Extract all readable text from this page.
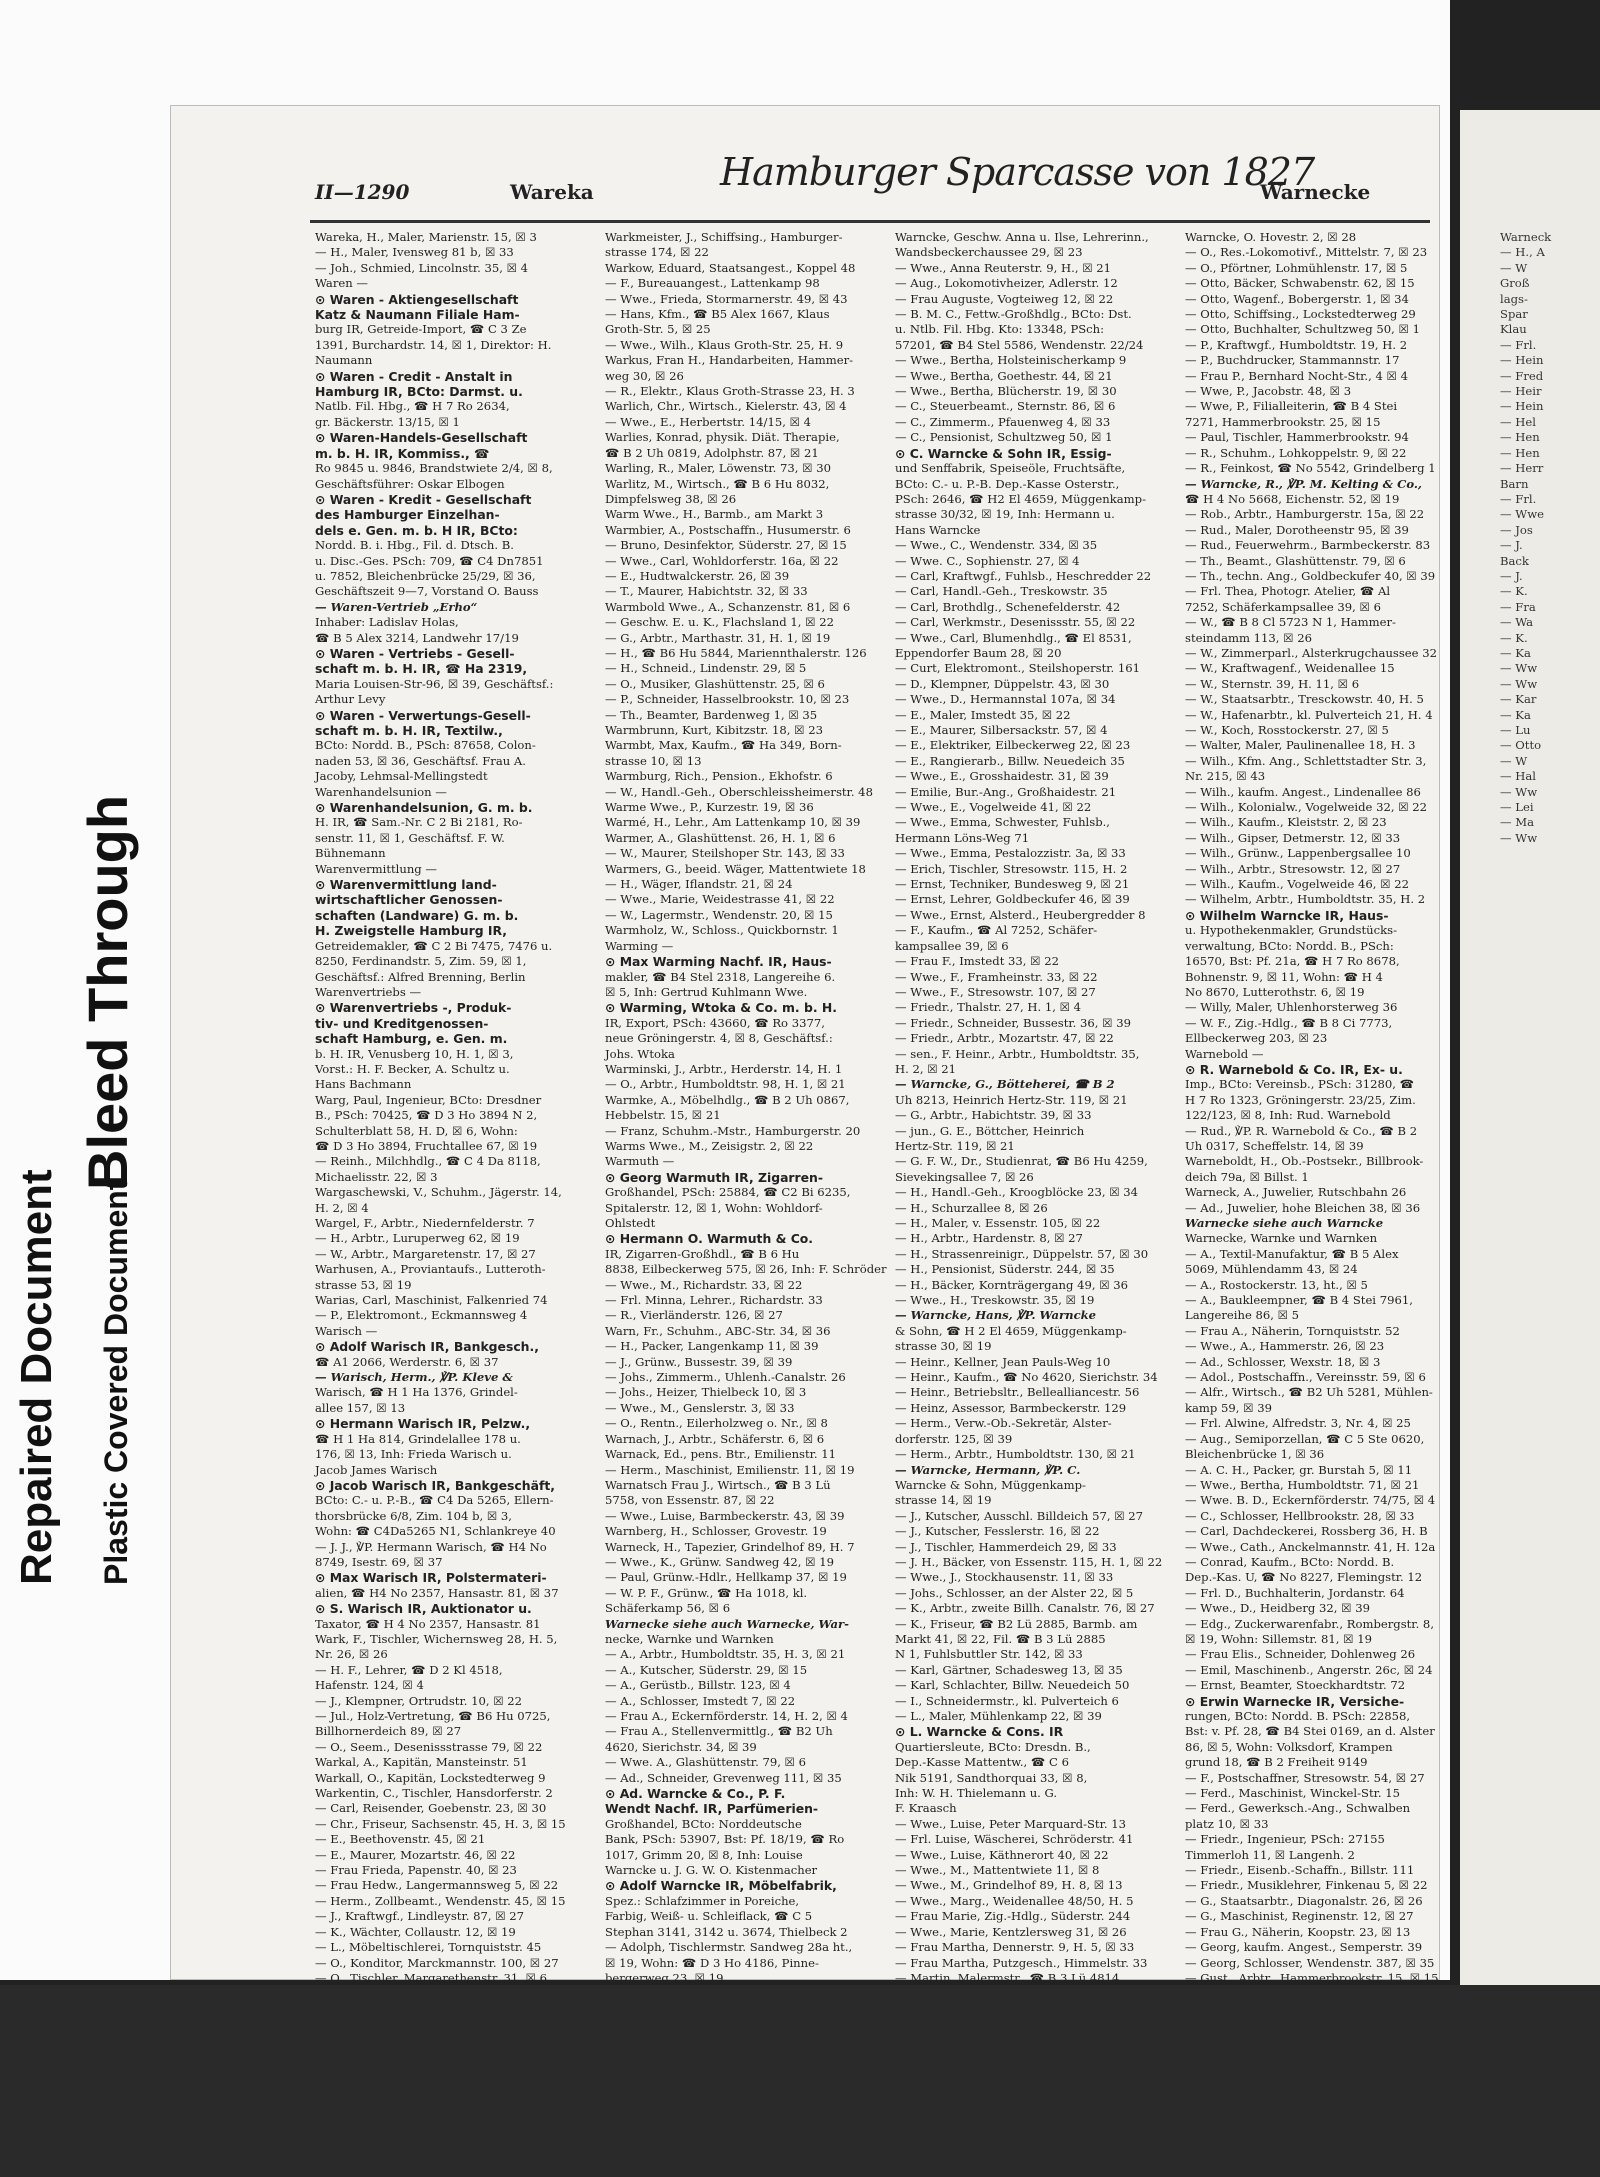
Repaired Document Plastic Covered Document
Bleed Through
II—1290	Wareka	Hamburger Sparcasse von 1827
Warnecke
Wareka, H., Maler, Marienstr. 15, ☒ 3
— H., Maler, Ivensweg 81 b, ☒ 33
— Joh., Schmied, Lincolnstr. 35, ☒ 4
Waren —
⊙ Waren - Aktiengesellschaft
Katz & Naumann Filiale Ham-
burg IR, Getreide-Import, ☎ C 3 Ze
1391, Burchardstr. 14, ☒ 1, Direktor: H.
Naumann
⊙ Waren - Credit - Anstalt in
Hamburg IR, BCto: Darmst. u.
Natlb. Fil. Hbg., ☎ H 7 Ro 2634,
gr. Bäckerstr. 13/15, ☒ 1
⊙ Waren-Handels-Gesellschaft
m. b. H. IR, Kommiss., ☎
Ro 9845 u. 9846, Brandstwiete 2/4, ☒ 8,
Geschäftsführer: Oskar Elbogen
⊙ Waren - Kredit - Gesellschaft
des Hamburger Einzelhan-
dels e. Gen. m. b. H IR, BCto:
Nordd. B. i. Hbg., Fil. d. Dtsch. B.
u. Disc.-Ges. PSch: 709, ☎ C4 Dn7851
u. 7852, Bleichenbrücke 25/29, ☒ 36,
Geschäftszeit 9—7, Vorstand O. Bauss
— Waren-Vertrieb „Erho“
Inhaber: Ladislav Holas,
☎ B 5 Alex 3214, Landwehr 17/19
⊙ Waren - Vertriebs - Gesell-
schaft m. b. H. IR, ☎ Ha 2319,
Maria Louisen-Str-96, ☒ 39, Geschäftsf.:
Arthur Levy
⊙ Waren - Verwertungs-Gesell-
schaft m. b. H. IR, Textilw.,
BCto: Nordd. B., PSch: 87658, Colon-
naden 53, ☒ 36, Geschäftsf. Frau A.
Jacoby, Lehmsal-Mellingstedt
Warenhandelsunion —
⊙ Warenhandelsunion, G. m. b.
H. IR, ☎ Sam.-Nr. C 2 Bi 2181, Ro-
senstr. 11, ☒ 1, Geschäftsf. F. W.
Bühnemann
Warenvermittlung —
⊙ Warenvermittlung land-
wirtschaftlicher Genossen-
schaften (Landware) G. m. b.
H. Zweigstelle Hamburg IR,
Getreidemakler, ☎ C 2 Bi 7475, 7476 u.
8250, Ferdinandstr. 5, Zim. 59, ☒ 1,
Geschäftsf.: Alfred Brenning, Berlin
Warenvertriebs —
⊙ Warenvertriebs -, Produk-
tiv- und Kreditgenossen-
schaft Hamburg, e. Gen. m.
b. H. IR, Venusberg 10, H. 1, ☒ 3,
Vorst.: H. F. Becker, A. Schultz u.
Hans Bachmann
Warg, Paul, Ingenieur, BCto: Dresdner
B., PSch: 70425, ☎ D 3 Ho 3894 N 2,
Schulterblatt 58, H. D, ☒ 6, Wohn:
☎ D 3 Ho 3894, Fruchtallee 67, ☒ 19
— Reinh., Milchhdlg., ☎ C 4 Da 8118,
Michaelisstr. 22, ☒ 3
Wargaschewski, V., Schuhm., Jägerstr. 14,
H. 2, ☒ 4
Wargel, F., Arbtr., Niedernfelderstr. 7
— H., Arbtr., Luruperweg 62, ☒ 19
— W., Arbtr., Margaretenstr. 17, ☒ 27
Warhusen, A., Proviantaufs., Lutteroth-
strasse 53, ☒ 19
Warias, Carl, Maschinist, Falkenried 74
— P., Elektromont., Eckmannsweg 4
Warisch —
⊙ Adolf Warisch IR, Bankgesch.,
☎ A1 2066, Werderstr. 6, ☒ 37
— Warisch, Herm., ℣P. Kleve &
Warisch, ☎ H 1 Ha 1376, Grindel-
allee 157, ☒ 13
⊙ Hermann Warisch IR, Pelzw.,
☎ H 1 Ha 814, Grindelallee 178 u.
176, ☒ 13, Inh: Frieda Warisch u.
Jacob James Warisch
⊙ Jacob Warisch IR, Bankgeschäft,
BCto: C.- u. P.-B., ☎ C4 Da 5265, Ellern-
thorsbrücke 6/8, Zim. 104 b, ☒ 3,
Wohn: ☎ C4Da5265 N1, Schlankreye 40
— J. J., ℣P. Hermann Warisch, ☎ H4 No
8749, Isestr. 69, ☒ 37
⊙ Max Warisch IR, Polstermateri-
alien, ☎ H4 No 2357, Hansastr. 81, ☒ 37
⊙ S. Warisch IR, Auktionator u.
Taxator, ☎ H 4 No 2357, Hansastr. 81
Wark, F., Tischler, Wichernsweg 28, H. 5,
Nr. 26, ☒ 26
— H. F., Lehrer, ☎ D 2 Kl 4518,
Hafenstr. 124, ☒ 4
— J., Klempner, Ortrudstr. 10, ☒ 22
— Jul., Holz-Vertretung, ☎ B6 Hu 0725,
Billhornerdeich 89, ☒ 27
— O., Seem., Desenissstrasse 79, ☒ 22
Warkal, A., Kapitän, Mansteinstr. 51
Warkall, O., Kapitän, Lockstedterweg 9
Warkentin, C., Tischler, Hansdorferstr. 2
— Carl, Reisender, Goebenstr. 23, ☒ 30
— Chr., Friseur, Sachsenstr. 45, H. 3, ☒ 15
— E., Beethovenstr. 45, ☒ 21
— E., Maurer, Mozartstr. 46, ☒ 22
— Frau Frieda, Papenstr. 40, ☒ 23
— Frau Hedw., Langermannsweg 5, ☒ 22
— Herm., Zollbeamt., Wendenstr. 45, ☒ 15
— J., Kraftwgf., Lindleystr. 87, ☒ 27
— K., Wächter, Collaustr. 12, ☒ 19
— L., Möbeltischlerei, Tornquiststr. 45
— O., Konditor, Marckmannstr. 100, ☒ 27
— O., Tischler, Margarethenstr. 31, ☒ 6
Warkmeister, J., Schiffsing., Hamburger-
strasse 174, ☒ 22
Warkow, Eduard, Staatsangest., Koppel 48
— F., Bureauangest., Lattenkamp 98
— Wwe., Frieda, Stormarnerstr. 49, ☒ 43
— Hans, Kfm., ☎ B5 Alex 1667, Klaus
Groth-Str. 5, ☒ 25
— Wwe., Wilh., Klaus Groth-Str. 25, H. 9
Warkus, Fran H., Handarbeiten, Hammer-
weg 30, ☒ 26
— R., Elektr., Klaus Groth-Strasse 23, H. 3
Warlich, Chr., Wirtsch., Kielerstr. 43, ☒ 4
— Wwe., E., Herbertstr. 14/15, ☒ 4
Warlies, Konrad, physik. Diät. Therapie,
☎ B 2 Uh 0819, Adolphstr. 87, ☒ 21
Warling, R., Maler, Löwenstr. 73, ☒ 30
Warlitz, M., Wirtsch., ☎ B 6 Hu 8032,
Dimpfelsweg 38, ☒ 26
Warm Wwe., H., Barmb., am Markt 3
Warmbier, A., Postschaffn., Husumerstr. 6
— Bruno, Desinfektor, Süderstr. 27, ☒ 15
— Wwe., Carl, Wohldorferstr. 16a, ☒ 22
— E., Hudtwalckerstr. 26, ☒ 39
— T., Maurer, Habichtstr. 32, ☒ 33
Warmbold Wwe., A., Schanzenstr. 81, ☒ 6
— Geschw. E. u. K., Flachsland 1, ☒ 22
— G., Arbtr., Marthastr. 31, H. 1, ☒ 19
— H., ☎ B6 Hu 5844, Mariennthalerstr. 126
— H., Schneid., Lindenstr. 29, ☒ 5
— O., Musiker, Glashüttenstr. 25, ☒ 6
— P., Schneider, Hasselbrookstr. 10, ☒ 23
— Th., Beamter, Bardenweg 1, ☒ 35
Warmbrunn, Kurt, Kibitzstr. 18, ☒ 23
Warmbt, Max, Kaufm., ☎ Ha 349, Born-
strasse 10, ☒ 13
Warmburg, Rich., Pension., Ekhofstr. 6
— W., Handl.-Geh., Oberschleissheimerstr. 48
Warme Wwe., P., Kurzestr. 19, ☒ 36
Warmé, H., Lehr., Am Lattenkamp 10, ☒ 39
Warmer, A., Glashüttenst. 26, H. 1, ☒ 6
— W., Maurer, Steilshoper Str. 143, ☒ 33
Warmers, G., beeid. Wäger, Mattentwiete 18
— H., Wäger, Iflandstr. 21, ☒ 24
— Wwe., Marie, Weidestrasse 41, ☒ 22
— W., Lagermstr., Wendenstr. 20, ☒ 15
Warmholz, W., Schloss., Quickbornstr. 1
Warming —
⊙ Max Warming Nachf. IR, Haus-
makler, ☎ B4 Stel 2318, Langereihe 6.
☒ 5, Inh: Gertrud Kuhlmann Wwe.
⊙ Warming, Wtoka & Co. m. b. H.
IR, Export, PSch: 43660, ☎ Ro 3377,
neue Gröningerstr. 4, ☒ 8, Geschäftsf.:
Johs. Wtoka
Warminski, J., Arbtr., Herderstr. 14, H. 1
— O., Arbtr., Humboldtstr. 98, H. 1, ☒ 21
Warmke, A., Möbelhdlg., ☎ B 2 Uh 0867,
Hebbelstr. 15, ☒ 21
— Franz, Schuhm.-Mstr., Hamburgerstr. 20
Warms Wwe., M., Zeisigstr. 2, ☒ 22
Warmuth —
⊙ Georg Warmuth IR, Zigarren-
Großhandel, PSch: 25884, ☎ C2 Bi 6235,
Spitalerstr. 12, ☒ 1, Wohn: Wohldorf-
Ohlstedt
⊙ Hermann O. Warmuth & Co.
IR, Zigarren-Großhdl., ☎ B 6 Hu
8838, Eilbeckerweg 575, ☒ 26, Inh: F. Schröder
— Wwe., M., Richardstr. 33, ☒ 22
— Frl. Minna, Lehrer., Richardstr. 33
— R., Vierländerstr. 126, ☒ 27
Warn, Fr., Schuhm., ABC-Str. 34, ☒ 36
— H., Packer, Langenkamp 11, ☒ 39
— J., Grünw., Bussestr. 39, ☒ 39
— Johs., Zimmerm., Uhlenh.-Canalstr. 26
— Johs., Heizer, Thielbeck 10, ☒ 3
— Wwe., M., Genslerstr. 3, ☒ 33
— O., Rentn., Eilerholzweg o. Nr., ☒ 8
Warnach, J., Arbtr., Schäferstr. 6, ☒ 6
Warnack, Ed., pens. Btr., Emilienstr. 11
— Herm., Maschinist, Emilienstr. 11, ☒ 19
Warnatsch Frau J., Wirtsch., ☎ B 3 Lü
5758, von Essenstr. 87, ☒ 22
— Wwe., Luise, Barmbeckerstr. 43, ☒ 39
Warnberg, H., Schlosser, Grovestr. 19
Warneck, H., Tapezier, Grindelhof 89, H. 7
— Wwe., K., Grünw. Sandweg 42, ☒ 19
— Paul, Grünw.-Hdlr., Hellkamp 37, ☒ 19
— W. P. F., Grünw., ☎ Ha 1018, kl.
Schäferkamp 56, ☒ 6
Warnecke siehe auch Warnecke, War-
necke, Warnke und Warnken
— A., Arbtr., Humboldtstr. 35, H. 3, ☒ 21
— A., Kutscher, Süderstr. 29, ☒ 15
— A., Gerüstb., Billstr. 123, ☒ 4
— A., Schlosser, Imstedt 7, ☒ 22
— Frau A., Eckernförderstr. 14, H. 2, ☒ 4
— Frau A., Stellenvermittlg., ☎ B2 Uh
4620, Sierichstr. 34, ☒ 39
— Wwe. A., Glashüttenstr. 79, ☒ 6
— Ad., Schneider, Grevenweg 111, ☒ 35
⊙ Ad. Warncke & Co., P. F.
Wendt Nachf. IR, Parfümerien-
Großhandel, BCto: Norddeutsche
Bank, PSch: 53907, Bst: Pf. 18/19, ☎ Ro
1017, Grimm 20, ☒ 8, Inh: Louise
Warncke u. J. G. W. O. Kistenmacher
⊙ Adolf Warncke IR, Möbelfabrik,
Spez.: Schlafzimmer in Poreiche,
Farbig, Weiß- u. Schleiflack, ☎ C 5
Stephan 3141, 3142 u. 3674, Thielbeck 2
— Adolph, Tischlermstr. Sandweg 28a ht.,
☒ 19, Wohn: ☎ D 3 Ho 4186, Pinne-
bergerweg 23, ☒ 19
Warncke, Geschw. Anna u. Ilse, Lehrerinn.,
Wandsbeckerchaussee 29, ☒ 23
— Wwe., Anna Reuterstr. 9, H., ☒ 21
— Aug., Lokomotivheizer, Adlerstr. 12
— Frau Auguste, Vogteiweg 12, ☒ 22
— B. M. C., Fettw.-Großhdlg., BCto: Dst.
u. Ntlb. Fil. Hbg. Kto: 13348, PSch:
57201, ☎ B4 Stel 5586, Wendenstr. 22/24
— Wwe., Bertha, Holsteinischerkamp 9
— Wwe., Bertha, Goethestr. 44, ☒ 21
— Wwe., Bertha, Blücherstr. 19, ☒ 30
— C., Steuerbeamt., Sternstr. 86, ☒ 6
— C., Zimmerm., Pfauenweg 4, ☒ 33
— C., Pensionist, Schultzweg 50, ☒ 1
⊙ C. Warncke & Sohn IR, Essig-
und Senffabrik, Speiseöle, Fruchtsäfte,
BCto: C.- u. P.-B. Dep.-Kasse Osterstr.,
PSch: 2646, ☎ H2 El 4659, Müggenkamp-
strasse 30/32, ☒ 19, Inh: Hermann u.
Hans Warncke
— Wwe., C., Wendenstr. 334, ☒ 35
— Wwe. C., Sophienstr. 27, ☒ 4
— Carl, Kraftwgf., Fuhlsb., Heschredder 22
— Carl, Handl.-Geh., Treskowstr. 35
— Carl, Brothdlg., Schenefelderstr. 42
— Carl, Werkmstr., Desenissstr. 55, ☒ 22
— Wwe., Carl, Blumenhdlg., ☎ El 8531,
Eppendorfer Baum 28, ☒ 20
— Curt, Elektromont., Steilshoperstr. 161
— D., Klempner, Düppelstr. 43, ☒ 30
— Wwe., D., Hermannstal 107a, ☒ 34
— E., Maler, Imstedt 35, ☒ 22
— E., Maurer, Silbersackstr. 57, ☒ 4
— E., Elektriker, Eilbeckerweg 22, ☒ 23
— E., Rangierarb., Billw. Neuedeich 35
— Wwe., E., Grosshaidestr. 31, ☒ 39
— Emilie, Bur.-Ang., Großhaidestr. 21
— Wwe., E., Vogelweide 41, ☒ 22
— Wwe., Emma, Schwester, Fuhlsb.,
Hermann Löns-Weg 71
— Wwe., Emma, Pestalozzistr. 3a, ☒ 33
— Erich, Tischler, Stresowstr. 115, H. 2
— Ernst, Techniker, Bundesweg 9, ☒ 21
— Ernst, Lehrer, Goldbeckufer 46, ☒ 39
— Wwe., Ernst, Alsterd., Heubergredder 8
— F., Kaufm., ☎ Al 7252, Schäfer-
kampsallee 39, ☒ 6
— Frau F., Imstedt 33, ☒ 22
— Wwe., F., Framheinstr. 33, ☒ 22
— Wwe., F., Stresowstr. 107, ☒ 27
— Friedr., Thalstr. 27, H. 1, ☒ 4
— Friedr., Schneider, Bussestr. 36, ☒ 39
— Friedr., Arbtr., Mozartstr. 47, ☒ 22
— sen., F. Heinr., Arbtr., Humboldtstr. 35,
H. 2, ☒ 21
— Warncke, G., Bötteherei, ☎ B 2
Uh 8213, Heinrich Hertz-Str. 119, ☒ 21
— G., Arbtr., Habichtstr. 39, ☒ 33
— jun., G. E., Böttcher, Heinrich
Hertz-Str. 119, ☒ 21
— G. F. W., Dr., Studienrat, ☎ B6 Hu 4259,
Sievekingsallee 7, ☒ 26
— H., Handl.-Geh., Kroogblöcke 23, ☒ 34
— H., Schurzallee 8, ☒ 26
— H., Maler, v. Essenstr. 105, ☒ 22
— H., Arbtr., Hardenstr. 8, ☒ 27
— H., Strassenreinigr., Düppelstr. 57, ☒ 30
— H., Pensionist, Süderstr. 244, ☒ 35
— H., Bäcker, Kornträgergang 49, ☒ 36
— Wwe., H., Treskowstr. 35, ☒ 19
— Warncke, Hans, ℣P. Warncke
& Sohn, ☎ H 2 El 4659, Müggenkamp-
strasse 30, ☒ 19
— Heinr., Kellner, Jean Pauls-Weg 10
— Heinr., Kaufm., ☎ No 4620, Sierichstr. 34
— Heinr., Betriebsltr., Bellealliancestr. 56
— Heinz, Assessor, Barmbeckerstr. 129
— Herm., Verw.-Ob.-Sekretär, Alster-
dorferstr. 125, ☒ 39
— Herm., Arbtr., Humboldtstr. 130, ☒ 21
— Warncke, Hermann, ℣P. C.
Warncke & Sohn, Müggenkamp-
strasse 14, ☒ 19
— J., Kutscher, Ausschl. Billdeich 57, ☒ 27
— J., Kutscher, Fesslerstr. 16, ☒ 22
— J., Tischler, Hammerdeich 29, ☒ 33
— J. H., Bäcker, von Essenstr. 115, H. 1, ☒ 22
— Wwe., J., Stockhausenstr. 11, ☒ 33
— Johs., Schlosser, an der Alster 22, ☒ 5
— K., Arbtr., zweite Billh. Canalstr. 76, ☒ 27
— K., Friseur, ☎ B2 Lü 2885, Barmb. am
Markt 41, ☒ 22, Fil. ☎ B 3 Lü 2885
N 1, Fuhlsbuttler Str. 142, ☒ 33
— Karl, Gärtner, Schadesweg 13, ☒ 35
— Karl, Schlachter, Billw. Neuedeich 50
— I., Schneidermstr., kl. Pulverteich 6
— L., Maler, Mühlenkamp 22, ☒ 39
⊙ L. Warncke & Cons. IR
Quartiersleute, BCto: Dresdn. B.,
Dep.-Kasse Mattentw., ☎ C 6
Nik 5191, Sandthorquai 33, ☒ 8,
Inh: W. H. Thielemann u. G.
F. Kraasch
— Wwe., Luise, Peter Marquard-Str. 13
— Frl. Luise, Wäscherei, Schröderstr. 41
— Wwe., Luise, Käthnerort 40, ☒ 22
— Wwe., M., Mattentwiete 11, ☒ 8
— Wwe., M., Grindelhof 89, H. 8, ☒ 13
— Wwe., Marg., Weidenallee 48/50, H. 5
— Frau Marie, Zig.-Hdlg., Süderstr. 244
— Wwe., Marie, Kentzlersweg 31, ☒ 26
— Frau Martha, Dennerstr. 9, H. 5, ☒ 33
— Frau Martha, Putzgesch., Himmelstr. 33
— Martin, Malermstr., ☎ B 3 Lü 4814,
Warncke, O. Hovestr. 2, ☒ 28
— O., Res.-Lokomotivf., Mittelstr. 7, ☒ 23
— O., Pförtner, Lohmühlenstr. 17, ☒ 5
— Otto, Bäcker, Schwabenstr. 62, ☒ 15
— Otto, Wagenf., Bobergerstr. 1, ☒ 34
— Otto, Schiffsing., Lockstedterweg 29
— Otto, Buchhalter, Schultzweg 50, ☒ 1
— P., Kraftwgf., Humboldtstr. 19, H. 2
— P., Buchdrucker, Stammannstr. 17
— Frau P., Bernhard Nocht-Str., 4 ☒ 4
— Wwe, P., Jacobstr. 48, ☒ 3
— Wwe, P., Filialleiterin, ☎ B 4 Stei
7271, Hammerbrookstr. 25, ☒ 15
— Paul, Tischler, Hammerbrookstr. 94
— R., Schuhm., Lohkoppelstr. 9, ☒ 22
— R., Feinkost, ☎ No 5542, Grindelberg 1
— Warncke, R., ℣P. M. Kelting & Co.,
☎ H 4 No 5668, Eichenstr. 52, ☒ 19
— Rob., Arbtr., Hamburgerstr. 15a, ☒ 22
— Rud., Maler, Dorotheenstr 95, ☒ 39
— Rud., Feuerwehrm., Barmbeckerstr. 83
— Th., Beamt., Glashüttenstr. 79, ☒ 6
— Th., techn. Ang., Goldbeckufer 40, ☒ 39
— Frl. Thea, Photogr. Atelier, ☎ Al
7252, Schäferkampsallee 39, ☒ 6
— W., ☎ B 8 Cl 5723 N 1, Hammer-
steindamm 113, ☒ 26
— W., Zimmerparl., Alsterkrugchaussee 32
— W., Kraftwagenf., Weidenallee 15
— W., Sternstr. 39, H. 11, ☒ 6
— W., Staatsarbtr., Tresckowstr. 40, H. 5
— W., Hafenarbtr., kl. Pulverteich 21, H. 4
— W., Koch, Rosstockerstr. 27, ☒ 5
— Walter, Maler, Paulinenallee 18, H. 3
— Wilh., Kfm. Ang., Schlettstadter Str. 3,
Nr. 215, ☒ 43
— Wilh., kaufm. Angest., Lindenallee 86
— Wilh., Kolonialw., Vogelweide 32, ☒ 22
— Wilh., Kaufm., Kleiststr. 2, ☒ 23
— Wilh., Gipser, Detmerstr. 12, ☒ 33
— Wilh., Grünw., Lappenbergsallee 10
— Wilh., Arbtr., Stresowstr. 12, ☒ 27
— Wilh., Kaufm., Vogelweide 46, ☒ 22
— Wilhelm, Arbtr., Humboldtstr. 35, H. 2
⊙ Wilhelm Warncke IR, Haus-
u. Hypothekenmakler, Grundstücks-
verwaltung, BCto: Nordd. B., PSch:
16570, Bst: Pf. 21a, ☎ H 7 Ro 8678,
Bohnenstr. 9, ☒ 11, Wohn: ☎ H 4
No 8670, Lutterothstr. 6, ☒ 19
— Willy, Maler, Uhlenhorsterweg 36
— W. F., Zig.-Hdlg., ☎ B 8 Ci 7773,
Ellbeckerweg 203, ☒ 23
Warnebold —
⊙ R. Warnebold & Co. IR, Ex- u.
Imp., BCto: Vereinsb., PSch: 31280, ☎
H 7 Ro 1323, Gröningerstr. 23/25, Zim.
122/123, ☒ 8, Inh: Rud. Warnebold
— Rud., ℣P. R. Warnebold & Co., ☎ B 2
Uh 0317, Scheffelstr. 14, ☒ 39
Warneboldt, H., Ob.-Postsekr., Billbrook-
deich 79a, ☒ Billst. 1
Warneck, A., Juwelier, Rutschbahn 26
— Ad., Juwelier, hohe Bleichen 38, ☒ 36
Warnecke siehe auch Warncke
Warnecke, Warnke und Warnken
— A., Textil-Manufaktur, ☎ B 5 Alex
5069, Mühlendamm 43, ☒ 24
— A., Rostockerstr. 13, ht., ☒ 5
— A., Baukleempner, ☎ B 4 Stei 7961,
Langereihe 86, ☒ 5
— Frau A., Näherin, Tornquiststr. 52
— Wwe., A., Hammerstr. 26, ☒ 23
— Ad., Schlosser, Wexstr. 18, ☒ 3
— Adol., Postschaffn., Vereinsstr. 59, ☒ 6
— Alfr., Wirtsch., ☎ B2 Uh 5281, Mühlen-
kamp 59, ☒ 39
— Frl. Alwine, Alfredstr. 3, Nr. 4, ☒ 25
— Aug., Semiporzellan, ☎ C 5 Ste 0620,
Bleichenbrücke 1, ☒ 36
— A. C. H., Packer, gr. Burstah 5, ☒ 11
— Wwe., Bertha, Humboldtstr. 71, ☒ 21
— Wwe. B. D., Eckernförderstr. 74/75, ☒ 4
— C., Schlosser, Hellbrookstr. 28, ☒ 33
— Carl, Dachdeckerei, Rossberg 36, H. B
— Wwe., Cath., Anckelmannstr. 41, H. 12a
— Conrad, Kaufm., BCto: Nordd. B.
Dep.-Kas. U, ☎ No 8227, Flemingstr. 12
— Frl. D., Buchhalterin, Jordanstr. 64
— Wwe., D., Heidberg 32, ☒ 39
— Edg., Zuckerwarenfabr., Rombergstr. 8,
☒ 19, Wohn: Sillemstr. 81, ☒ 19
— Frau Elis., Schneider, Dohlenweg 26
— Emil, Maschinenb., Angerstr. 26c, ☒ 24
— Ernst, Beamter, Stoeckhardtstr. 72
⊙ Erwin Warnecke IR, Versiche-
rungen, BCto: Nordd. B. PSch: 22858,
Bst: v. Pf. 28, ☎ B4 Stei 0169, an d. Alster
86, ☒ 5, Wohn: Volksdorf, Krampen
grund 18, ☎ B 2 Freiheit 9149
— F., Postschaffner, Stresowstr. 54, ☒ 27
— Ferd., Maschinist, Winckel-Str. 15
— Ferd., Gewerksch.-Ang., Schwalben
platz 10, ☒ 33
— Friedr., Ingenieur, PSch: 27155
Timmerloh 11, ☒ Langenh. 2
— Friedr., Eisenb.-Schaffn., Billstr. 111
— Friedr., Musiklehrer, Finkenau 5, ☒ 22
— G., Staatsarbtr., Diagonalstr. 26, ☒ 26
— G., Maschinist, Reginenstr. 12, ☒ 27
— Frau G., Näherin, Koopstr. 23, ☒ 13
— Georg, kaufm. Angest., Semperstr. 39
— Georg, Schlosser, Wendenstr. 387, ☒ 35
— Gust., Arbtr., Hammerbrookstr. 15, ☒ 15
Warneck
— H., A
— W
Groß
lags-
Spar
Klau
— Frl.
— Hein
— Fred
— Heir
— Hein
— Hel
— Hen
— Hen
— Herr
Barn
— Frl.
— Wwe
— Jos
— J.
Back
— J.
— K.
— Fra
— Wa
— K.
— Ka
— Ww
— Ww
— Kar
— Ka
— Lu
— Otto
— W
— Hal
— Ww
— Lei
— Ma
— Ww
